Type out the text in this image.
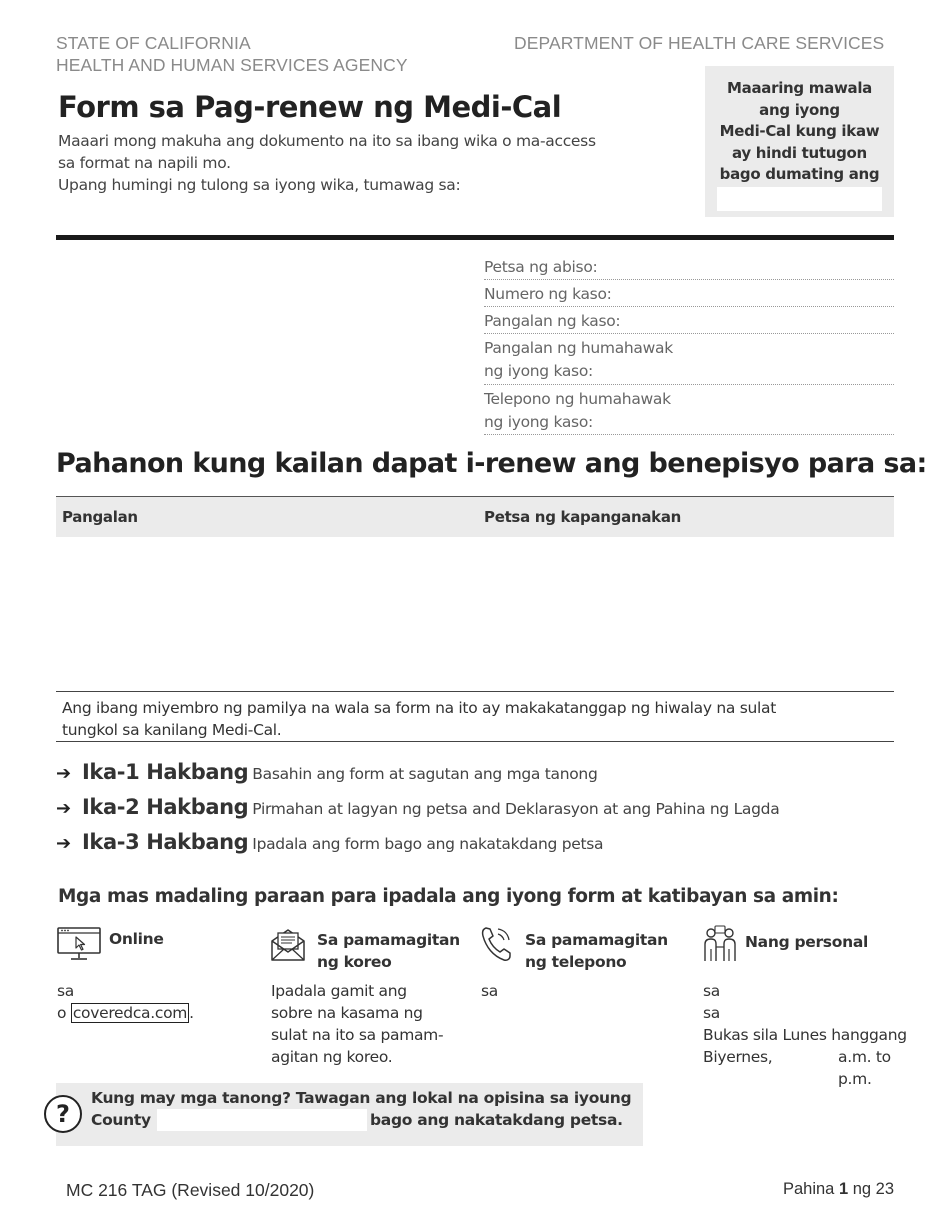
STATE OF CALIFORNIA
HEALTH AND HUMAN SERVICES AGENCY
DEPARTMENT OF HEALTH CARE SERVICES
Form sa Pag-renew ng Medi-Cal
Maaari mong makuha ang dokumento na ito sa ibang wika o ma-access
sa format na napili mo.
Upang humingi ng tulong sa iyong wika, tumawag sa:
Maaaring mawala
ang iyong
Medi-Cal kung ikaw
ay hindi tutugon
bago dumating ang
Petsa ng abiso:
Numero ng kaso:
Pangalan ng kaso:
Pangalan ng humahawak
ng iyong kaso:
Telepono ng humahawak
ng iyong kaso:
Pahanon kung kailan dapat i-renew ang benepisyo para sa:
Pangalan	Petsa ng kapanganakan
Ang ibang miyembro ng pamilya na wala sa form na ito ay makakatanggap ng hiwalay na sulat
tungkol sa kanilang Medi-Cal.
➔ Ika-1 Hakbang Basahin ang form at sagutan ang mga tanong
➔ Ika-2 Hakbang Pirmahan at lagyan ng petsa and Deklarasyon at ang Pahina ng Lagda
➔ Ika-3 Hakbang Ipadala ang form bago ang nakatakdang petsa
Mga mas madaling paraan para ipadala ang iyong form at katibayan sa amin:
Online
sa
o coveredca.com .
Sa pamamagitan
ng koreo
Ipadala gamit ang
sobre na kasama ng
sulat na ito sa pamam-
agitan ng koreo.
Sa pamamagitan
ng telepono
sa
Nang personal
sa
sa
Bukas sila Lunes hanggang
Biyernes,	a.m. to
p.m.
Kung may mga tanong? Tawagan ang lokal na opisina sa iyoung
County	bago ang nakatakdang petsa.
?
MC 216 TAG (Revised 10/2020)	Pahina 1 ng 23
